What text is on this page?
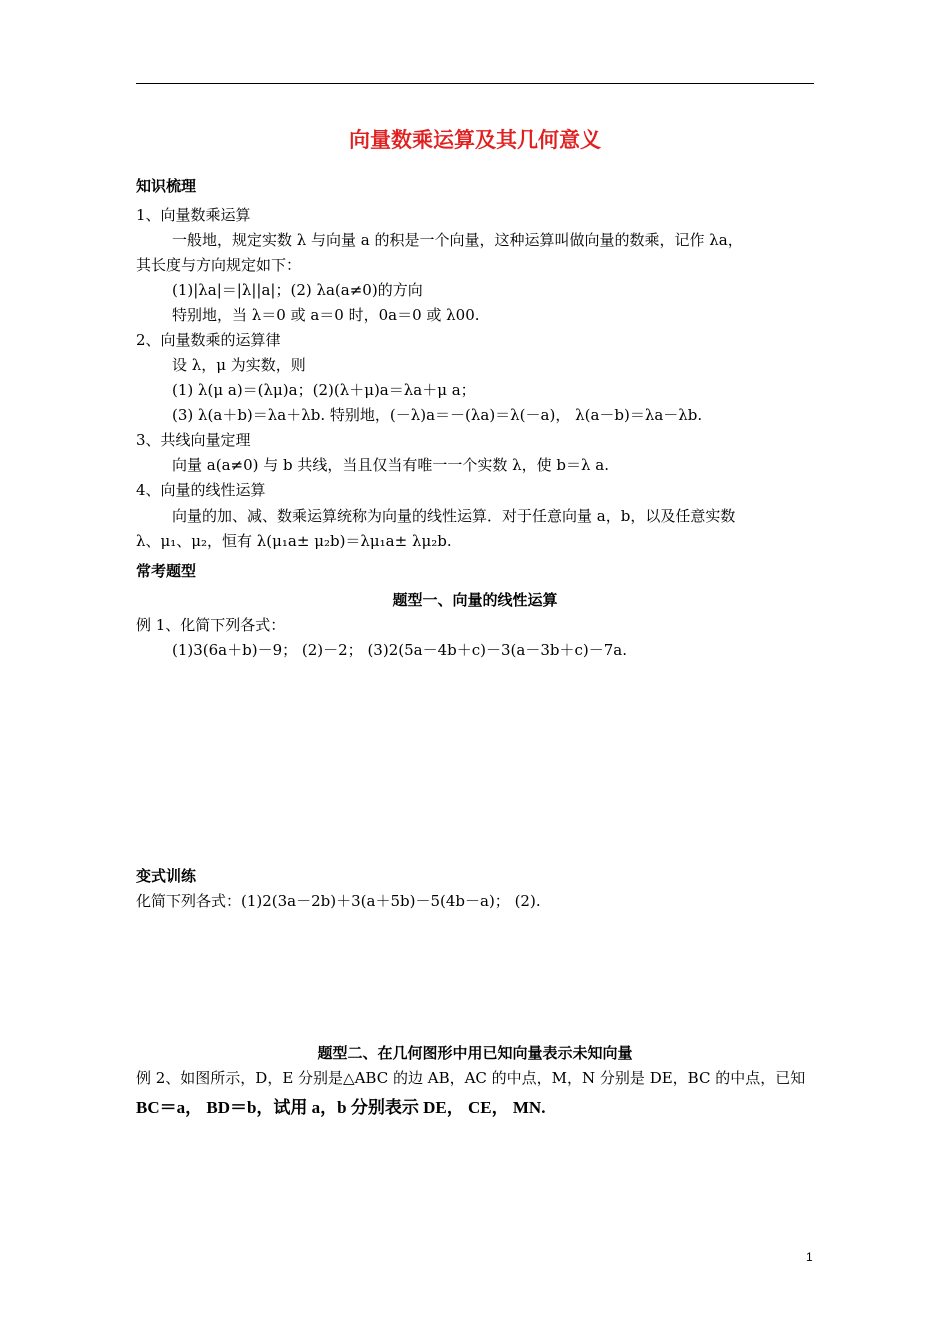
向量数乘运算及其几何意义
知识梳理
1、向量数乘运算
一般地，规定实数 λ 与向量 a 的积是一个向量，这种运算叫做向量的数乘，记作 λa，
其长度与方向规定如下：
(1)|λa|＝|λ||a|；(2) λa(a≠0)的方向
特别地，当 λ＝0 或 a＝0 时，0a＝0 或 λ00.
2、向量数乘的运算律
设 λ，μ 为实数，则
(1) λ(μ a)＝(λμ)a；(2)(λ＋μ)a＝λa＋μ a；
(3) λ(a＋b)＝λa＋λb. 特别地，(－λ)a＝－(λa)＝λ(－a)， λ(a－b)＝λa－λb.
3、共线向量定理
向量 a(a≠0) 与 b 共线，当且仅当有唯一一个实数 λ，使 b＝λ a.
4、向量的线性运算
向量的加、减、数乘运算统称为向量的线性运算．对于任意向量 a，b，以及任意实数
λ、μ₁、μ₂，恒有 λ(μ₁a± μ₂b)＝λμ₁a± λμ₂b.
常考题型
题型一、向量的线性运算
例 1、化简下列各式：
(1)3(6a＋b)－9； (2)－2； (3)2(5a－4b＋c)－3(a－3b＋c)－7a.
变式训练
化简下列各式：(1)2(3a－2b)＋3(a＋5b)－5(4b－a)； (2).
题型二、在几何图形中用已知向量表示未知向量
例 2、如图所示，D，E 分别是△ABC 的边 AB，AC 的中点，M，N 分别是 DE，BC 的中点，已知
BC＝a， BD＝b，试用 a，b 分别表示 DE， CE， MN.
1
